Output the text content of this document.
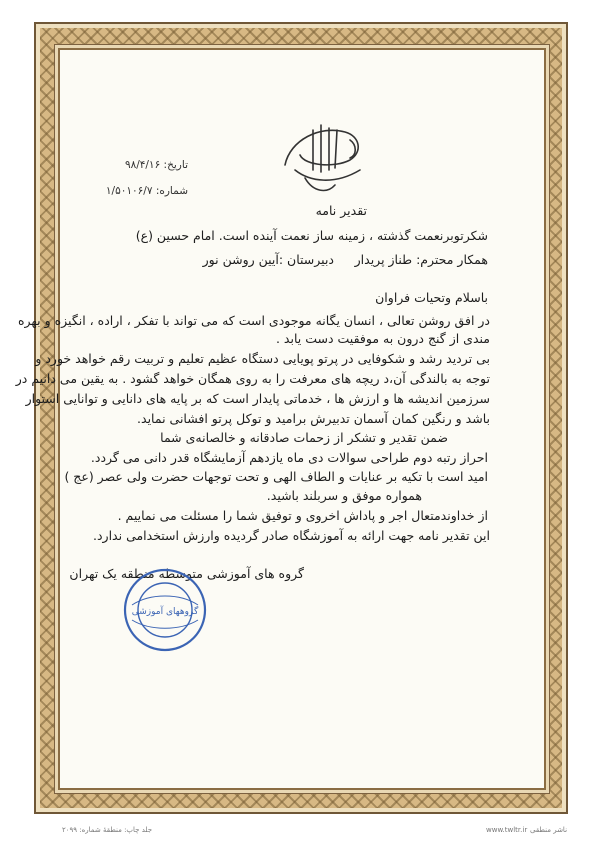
تاریخ: ۹۸/۴/۱۶
شماره: ۱/۵۰۱۰۶/۷
تقدیر نامه
شکرتوبرنعمت گذشته ، زمینه ساز نعمت آینده است. امام حسین (ع)
همکار محترم: طناز پریدار
دبیرستان :آیین روشن نور
باسلام وتحیات فراوان
در افق روشن تعالی ، انسان یگانه موجودی است که می تواند با تفکر ، اراده ، انگیزه و بهره
مندی از گنج درون به موفقیت دست یابد .
بی تردید رشد و شکوفایی در پرتو پویایی دستگاه عظیم تعلیم و تربیت رقم خواهد خورد و
توجه به بالندگی آن،د ریچه های معرفت را به روی همگان خواهد گشود . به یقین می دانیم در
سرزمین اندیشه ها و ارزش ها ، خدماتی پایدار است که بر پایه های دانایی و توانایی استوار
باشد و رنگین کمان آسمان تدبیرش برامید و توکل پرتو افشانی نماید.
ضمن تقدیر و تشکر از زحمات صادقانه و خالصانه‌ی شما
احراز رتبه دوم طراحی سوالات دی ماه یازدهم آزمایشگاه قدر دانی می گردد.
امید است با تکیه بر عنایات و الطاف الهی و تحت توجهات حضرت ولی عصر (عج )
همواره موفق و سربلند باشید.
از خداوندمتعال اجر و پاداش اخروی و توفیق شما را مسئلت می نماییم .
این تقدیر نامه جهت ارائه به آموزشگاه صادر گردیده وارزش استخدامی ندارد.
گروه های آموزشی متوسطه منطقه یک تهران
گروههای آموزشی
جلد چاپ: منطقه‌ٔ شماره: ۲۰۹۹	www.twltr.ir ناشر منطقی
